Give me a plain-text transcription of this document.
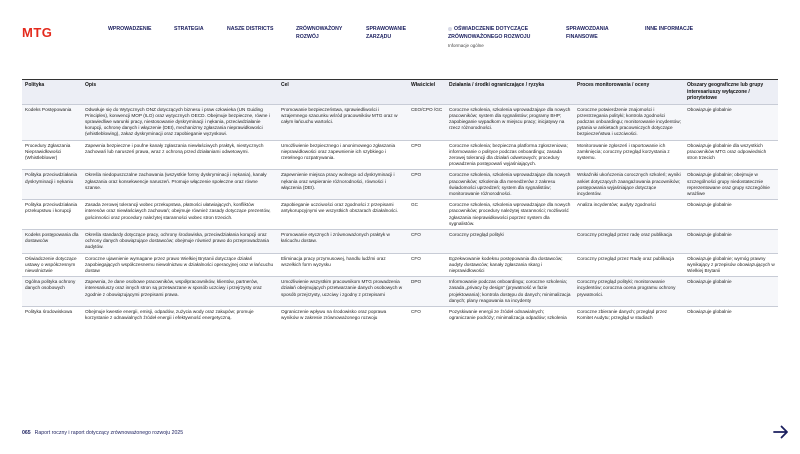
MTG	WPROWADZENIE	STRATEGIA	NASZE DISTRICTS	ZRÓWNOWAŻONY ROZWÓJ
SPRAWOWANIE ZARZĄDU
OŚWIADCZENIE DOTYCZĄCE ZRÓWNOWAŻONEGO ROZWOJU
Informacje ogólne
SPRAWOZDANIA FINANSOWE
INNE INFORMACJE
Polityka	Opis	Cel	Właściciel	Działania / środki ograniczające / ryzyka	Proces monitorowania / oceny	Obszary geograficzne lub grupy interesariuszy wyłączone / priorytetowe
Kodeks Postępowania	Odwołuje się do Wytycznych ONZ dotyczących biznesu i praw człowieka (UN Guiding Principles), konwencji MOP (ILO) oraz wytycznych OECD. Obejmuje bezpieczne, równe i sprawiedliwe warunki pracy, niestosowanie dyskryminacji i nękania, przeciwdziałanie korupcji, ochronę danych i włączenie (DEI), mechanizmy zgłaszania nieprawidłowości (whistleblowing), zakaz dyskryminacji oraz zapobieganie wyzyskowi.	Promowanie bezpieczeństwa, sprawiedliwości i wzajemnego szacunku wśród pracowników MTG oraz w całym łańcuchu wartości.	CEO/CPO /GC	Coroczne szkolenia, szkolenia wprowadzające dla nowych pracowników; system dla sygnalistów; programy BHP; zapobieganie wypadkom w miejscu pracy; inicjatywy na rzecz różnorodności.	Coroczne potwierdzenie znajomości i przestrzegania polityki; kontrola zgodności podczas onboardingu; monitorowanie incydentów; pytania w ankietach pracowniczych dotyczące bezpieczeństwa i uczciwości.	Obowiązuje globalnie
Procedury Zgłaszania Nieprawidłowości (Whistleblower)	Zapewnia bezpieczne i poufne kanały zgłaszania niewłaściwych praktyk, niestycznych zachowań lub naruszeń prawa, wraz z ochroną przed działaniami odwetowymi.	Umożliwienie bezpiecznego i anonimowego zgłaszania nieprawidłowości oraz zapewnienie ich szybkiego i rzetelnego rozpatrywania.	CPO	Coroczne szkolenia; bezpieczna platforma zgłoszeniowa; informowanie o polityce podczas onboardingu; zasada zerowej tolerancji dla działań odwetowych; procedury prowadzenia postępowań wyjaśniających.	Monitorowanie zgłoszeń i raportowanie ich zamknięcia; coroczny przegląd korzystania z systemu.	Obowiązuje globalnie dla wszystkich pracowników MTG oraz odpowiednich stron trzecich
Polityka przeciwdziałania dyskryminacji i nękaniu	Określa niedopuszczalne zachowania (wszystkie formy dyskryminacji i nękania), kanały zgłaszania oraz konsekwencje naruszeń. Promuje włączenie społeczne oraz równe szanse.	Zapewnienie miejsca pracy wolnego od dyskryminacji i nękania oraz wspieranie różnorodności, równości i włączenia (DEI).	CPO	Coroczne szkolenia, szkolenia wprowadzające dla nowych pracowników; szkolenia dla menedżerów z zakresu świadomości uprzedzeń; system dla sygnalistów; monitorowanie różnorodności.	Wskaźniki ukończenia corocznych szkoleń; wyniki ankiet dotyczących zaangażowania pracowników; postępowania wyjaśniające dotyczące incydentów.	Obowiązuje globalnie; obejmuje w szczególności grupy niedostatecznie reprezentowane oraz grupy szczególnie wrażliwe
Polityka przeciwdziałania przekupstwu i korupcji	Zasada zerowej tolerancji wobec przekupstwa, płatności ułatwiających, konfliktów interesów oraz niewłaściwych zachowań; obejmuje również zasady dotyczące prezentów, gościnności oraz procedury należytej staranności wobec stron trzecich.	Zapobieganie uczciwości oraz zgodności z przepisami antykorupcyjnymi we wszystkich obszarach działalności.	GC	Coroczne szkolenia, szkolenia wprowadzające dla nowych pracowników; procedury należytej staranności; możliwość zgłaszania nieprawidłowości poprzez system dla sygnalistów.	Analiza incydentów; audyty zgodności	Obowiązuje globalnie
Kodeks postępowania dla dostawców	Określa standardy dotyczące pracy, ochrony środowiska, przeciwdziałania korupcji oraz ochrony danych obowiązujące dostawców; obejmuje również prawo do przeprowadzania audytów.	Promowanie etycznych i zrównoważonych praktyk w łańcuchu dostaw.	CFO	Coroczny przegląd polityki	Coroczny przegląd przez radę oraz publikacja	Obowiązuje globalnie
Oświadczenie dotyczące ustawy o współczesnym niewolnictwie	Coroczne ujawnienie wymagane przez prawo Wielkiej Brytanii dotyczące działań zapobiegających współczesnemu niewolnictwu w działalności operacyjnej oraz w łańcuchu dostaw	Eliminacja pracy przymusowej, handlu ludźmi oraz wszelkich form wyzysku	CFO	Egzekwowanie kodeksu postępowania dla dostawców; audyty dostawców; kanały zgłaszania skarg i nieprawidłowości	Coroczny przegląd przez Radę oraz publikacja	Obowiązuje globalnie; wymóg prawny wynikający z przepisów obowiązujących w Wielkiej Brytanii
Ogólna polityka ochrony danych osobowych	Zapewnia, że dane osobowe pracowników, współpracowników, klientów, partnerów, interesariuszy oraz innych stron są przetwarzane w sposób uczciwy i przejrzysty oraz zgodnie z obowiązującymi przepisami prawa.	Umożliwienie wszystkim pracownikom MTG prowadzenia działań obejmujących przetwarzanie danych osobowych w sposób przejrzysty, uczciwy i zgodny z przepisami	DPO	Informowanie podczas onboardingu; coroczne szkolenia; zasada „privacy by design” (prywatność w fazie projektowania); kontrola dostępu do danych; minimalizacja danych; plany reagowania na incydenty	Coroczny przegląd polityki; monitorowanie incydentów; coroczna ocena programu ochrony prywatności.	Obowiązuje globalnie
Polityka środowiskowa	Obejmuje kwestie energii, emisji, odpadów, zużycia wody oraz zakupów; promuje korzystanie z odnawialnych źródeł energii i efektywność energetyczną.	Ograniczenie wpływu na środowisko oraz poprawa wyników w zakresie zrównoważonego rozwoju	CFO	Pozyskiwanie energii ze źródeł odnawialnych; ograniczanie podróży; minimalizacja odpadów; szkolenia	Coroczne zbieranie danych; przegląd przez Komitet Audytu; przegląd w studiach	Obowiązuje globalnie
065 Raport roczny i raport dotyczący zrównoważonego rozwoju 2025
